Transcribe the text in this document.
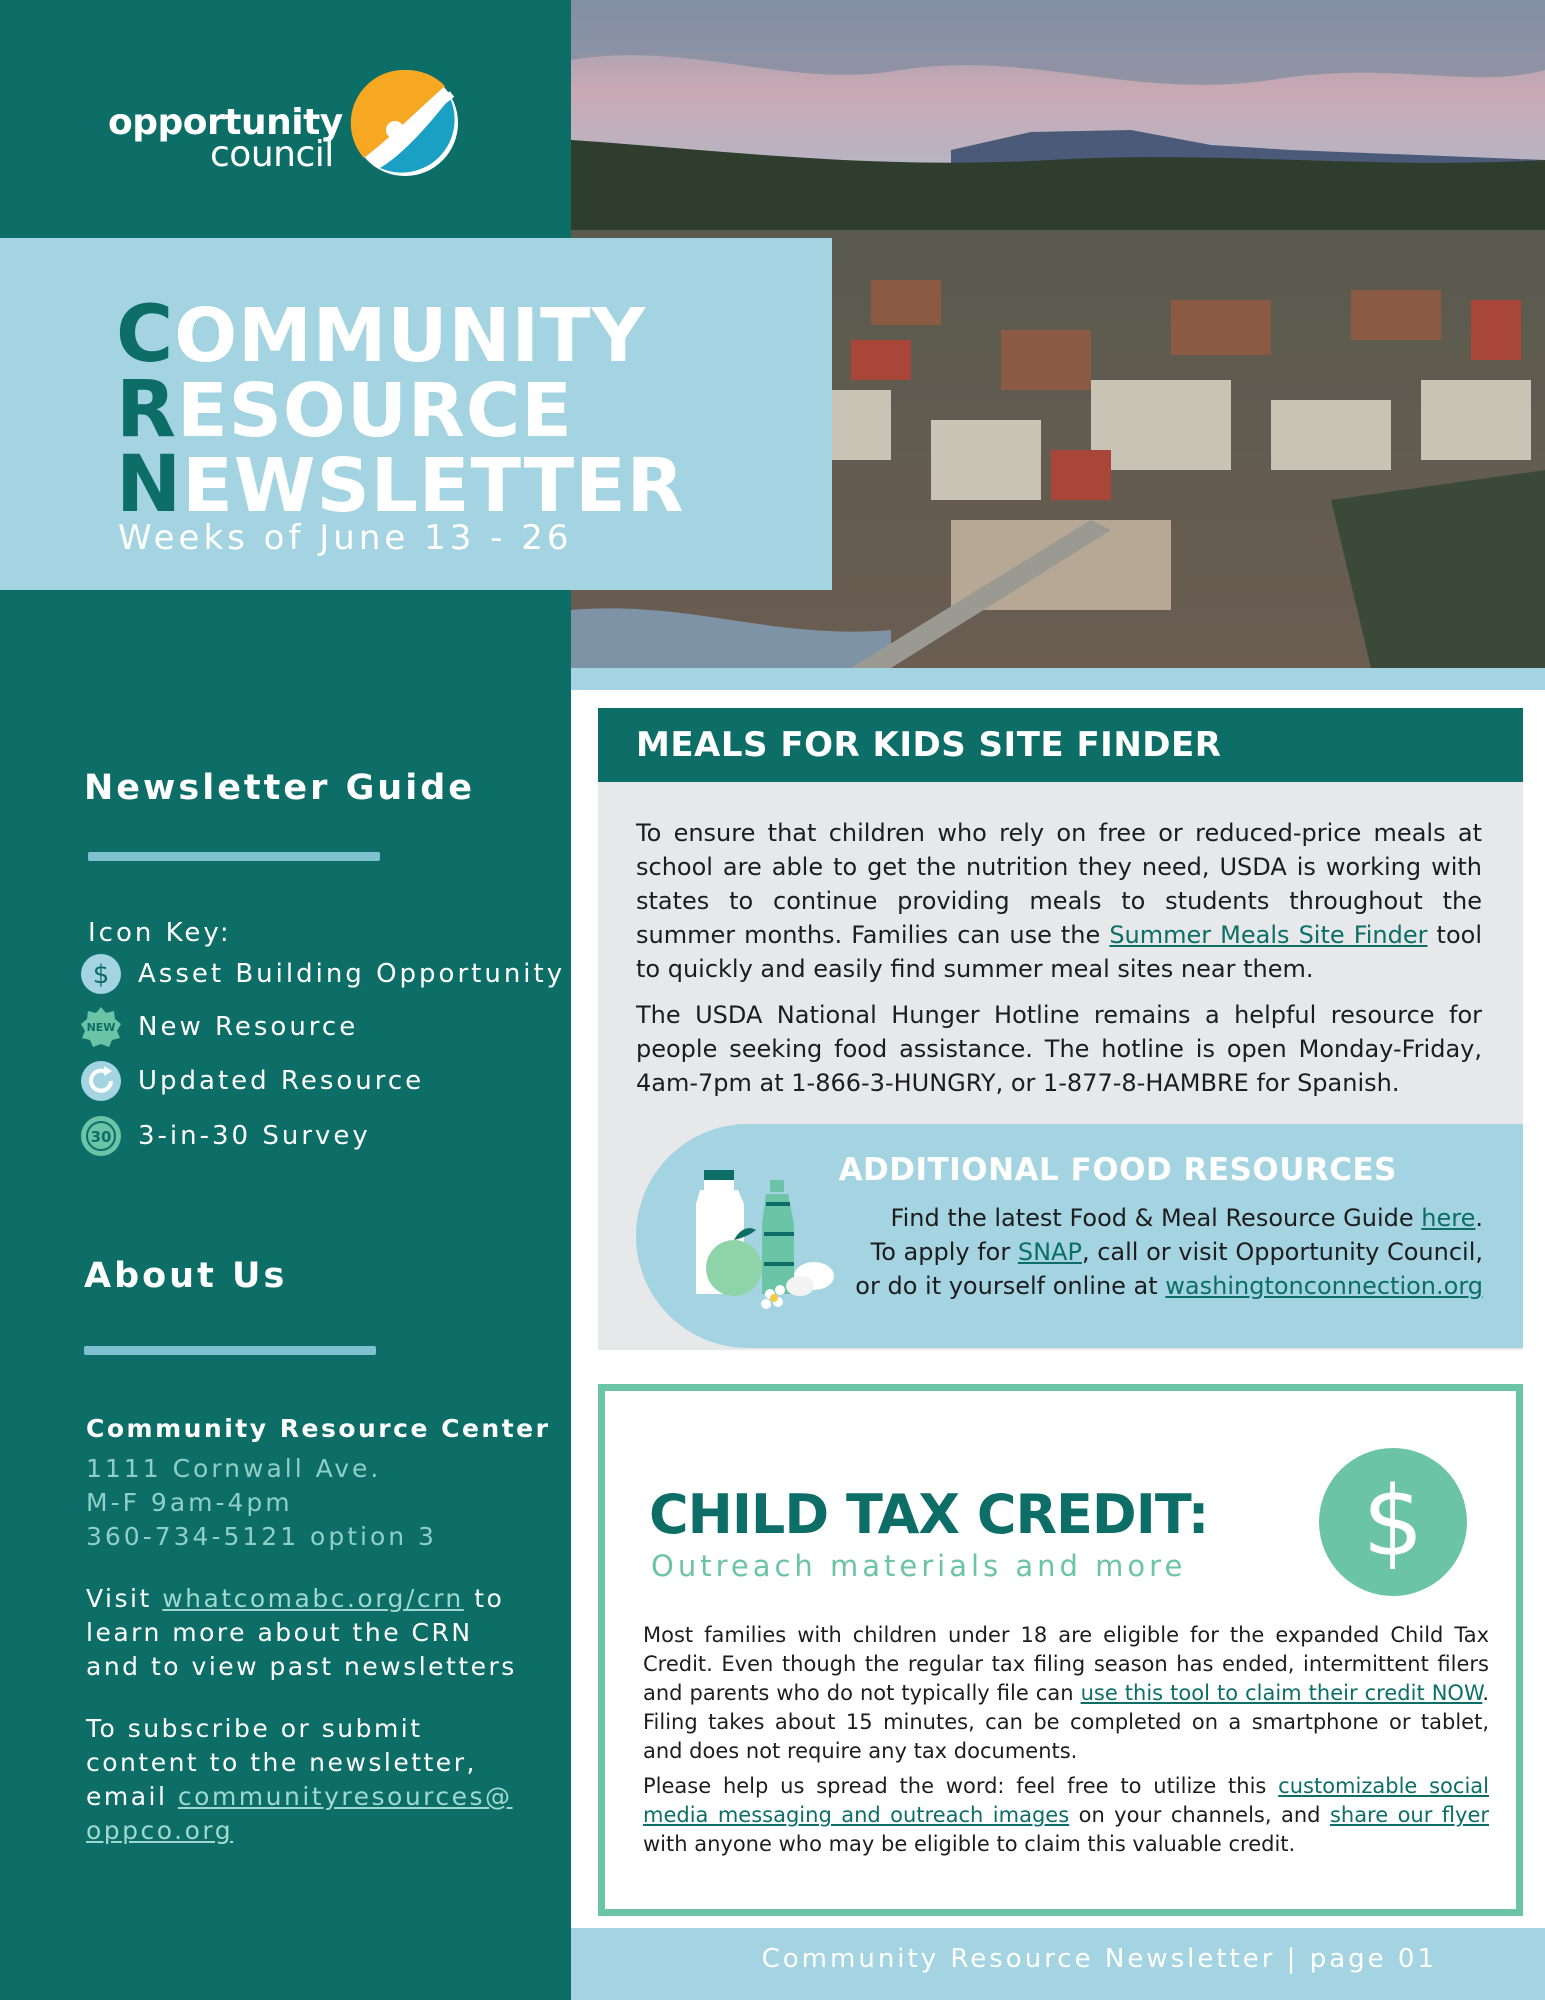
opportunity
council
COMMUNITY
RESOURCE
NEWSLETTER
Weeks of June 13 - 26
Newsletter Guide
Icon Key:
$ Asset Building Opportunity
NEW New Resource
Updated Resource
30 3-in-30 Survey
About Us
Community Resource Center
1111 Cornwall Ave.
M-F 9am-4pm
360-734-5121 option 3
Visit whatcomabc.org/crn to
learn more about the CRN
and to view past newsletters
To subscribe or submit
content to the newsletter,
email communityresources@
oppco.org
MEALS FOR KIDS SITE FINDER

To ensure that children who rely on free or reduced-price meals at school are able to get the nutrition they need, USDA is working with states to continue providing meals to students throughout the summer months. Families can use the Summer Meals Site Finder tool to quickly and easily find summer meal sites near them.

The USDA National Hunger Hotline remains a helpful resource for people seeking food assistance. The hotline is open Monday-Friday, 4am-7pm at 1-866-3-HUNGRY, or 1-877-8-HAMBRE for Spanish.

ADDITIONAL FOOD RESOURCES
Find the latest Food & Meal Resource Guide here.
To apply for SNAP, call or visit Opportunity Council,
or do it yourself online at washingtonconnection.org
CHILD TAX CREDIT:
Outreach materials and more $

Most families with children under 18 are eligible for the expanded Child Tax Credit. Even though the regular tax filing season has ended, intermittent filers and parents who do not typically file can use this tool to claim their credit NOW. Filing takes about 15 minutes, can be completed on a smartphone or tablet, and does not require any tax documents.

Please help us spread the word: feel free to utilize this customizable social media messaging and outreach images on your channels, and share our flyer with anyone who may be eligible to claim this valuable credit.

Community Resource Newsletter | page 01
